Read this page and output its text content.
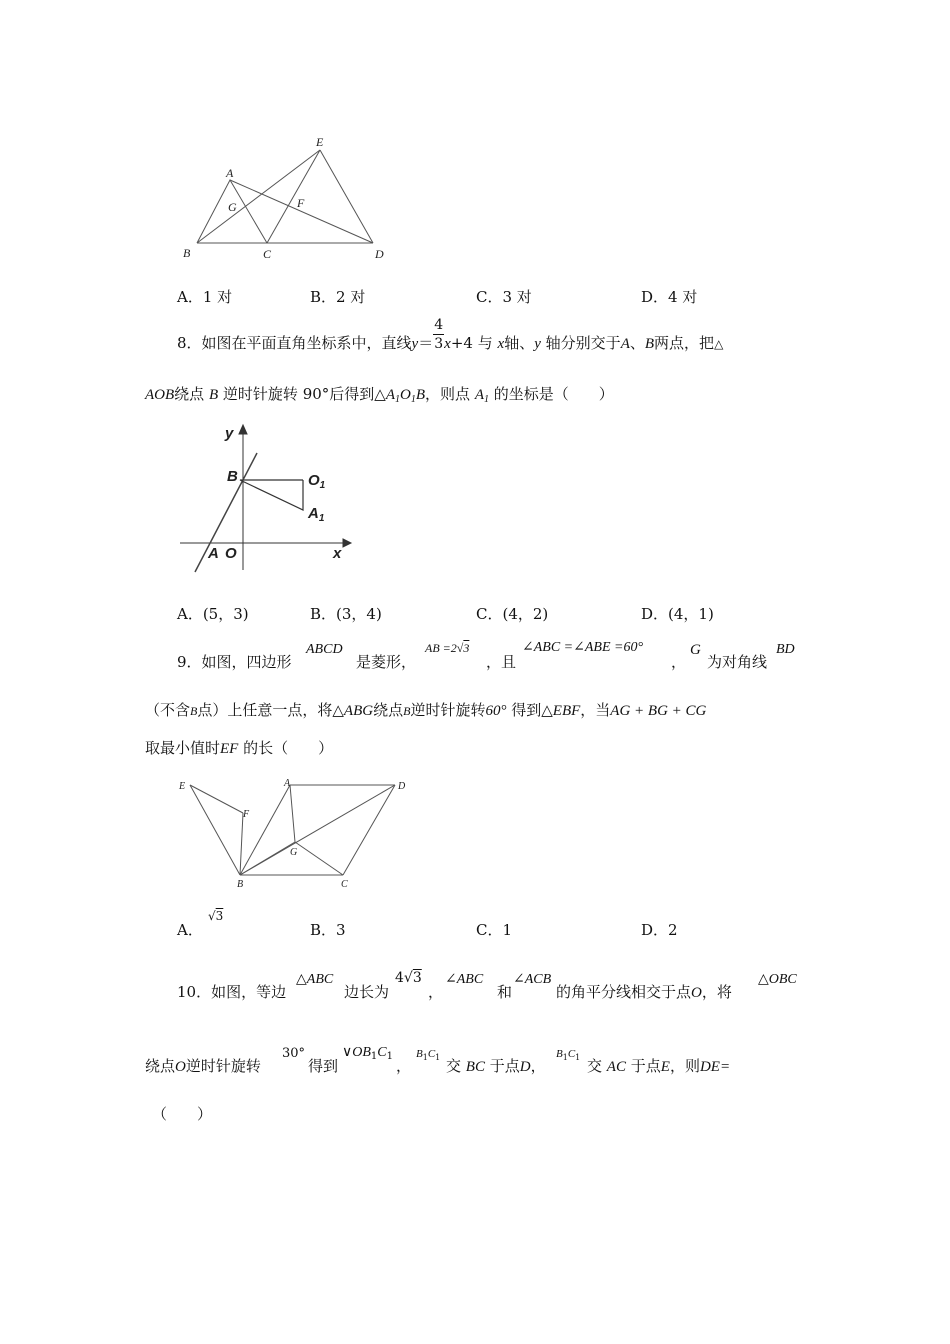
E
A
G	F
B	C	D
A．1 对	B．2 对	C．3 对	D．4 对
8．如图在平面直角坐标系中，直线$y= \frac{4}{3} x+4$ 与 x轴、y 轴分别交于A、B两点，把△
AOB绕点 B 逆时针旋转 90°后得到$\triangle A_1O_1B$，则点 $A_1$ 的坐标是（　　）
y
x
B	$O_1$
$A_1$
A O
A．(5，3)	B．(3，4)	C．(4，2)	D．(4，1)
9．如图，四边形
ABCD
是菱形，
AB =2√3
，且
∠ABC =∠ABE =60°
，
G
为对角线
BD
（不含B点）上任意一点，将△ABG绕点B逆时针旋转60° 得到△EBF，当AG + BG + CG
取最小值时EF 的长（　　）
E
F
A	D
G
B	C
A．
√3
B．3	C．1	D．2
10．如图，等边
△ABC
边长为
4√3
，
∠ABC
和
∠ACB
的角平分线相交于点O，将
△OBC
绕点O逆时针旋转
30°
得到
$\vee OB_1C_1$
，
$B_1C_1$ 交 BC 于点D，
$B_1C_1$ 交 AC 于点E，则DE=
（　　）
